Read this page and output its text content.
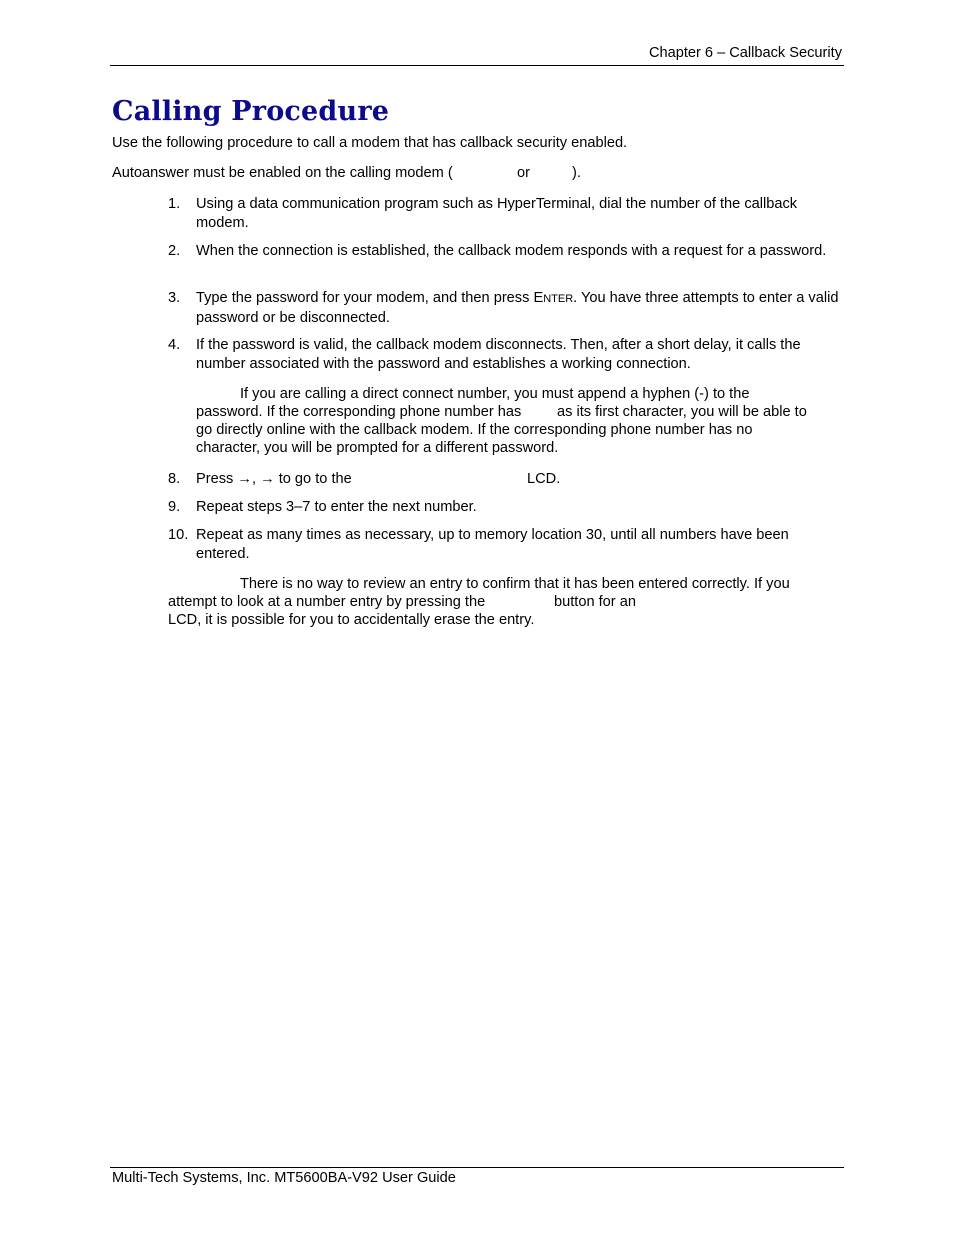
Chapter 6 – Callback Security
Calling Procedure
Use the following procedure to call a modem that has callback security enabled.
Autoanswer must be enabled on the calling modem (	or	).
1. Using a data communication program such as HyperTerminal, dial the number of the callback modem.
2. When the connection is established, the callback modem responds with a request for a password.
3. Type the password for your modem, and then press ENTER. You have three attempts to enter a valid password or be disconnected.
4. If the password is valid, the callback modem disconnects. Then, after a short delay, it calls the number associated with the password and establishes a working connection.
If you are calling a direct connect number, you must append a hyphen (-) to the
password. If the corresponding phone number has as its first character, you will be able to
go directly online with the callback modem. If the corresponding phone number has no
character, you will be prompted for a different password.
8. Press →, → to go to the	LCD.
9. Repeat steps 3–7 to enter the next number.
10. Repeat as many times as necessary, up to memory location 30, until all numbers have been entered.
There is no way to review an entry to confirm that it has been entered correctly. If you
attempt to look at a number entry by pressing the	button for an
LCD, it is possible for you to accidentally erase the entry.
Multi-Tech Systems, Inc. MT5600BA-V92 User Guide
